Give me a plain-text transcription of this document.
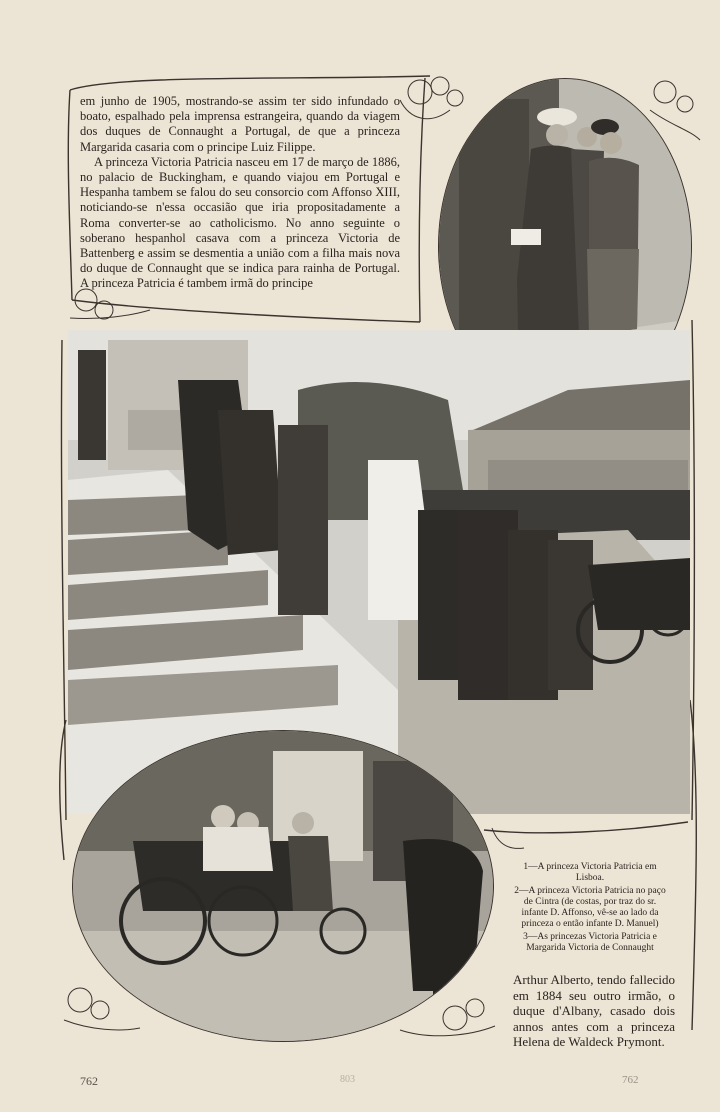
em junho de 1905, mostrando-se assim ter sido infundado o boato, espalhado pela imprensa estrangeira, quando da viagem dos duques de Connaught a Portugal, de que a princeza Margarida casaria com o principe Luiz Filippe.

A princeza Victoria Patricia nasceu em 17 de março de 1886, no palacio de Buckingham, e quando viajou em Portugal e Hespanha tambem se falou do seu consorcio com Affonso XIII, noticiando-se n'essa occasião que iria propositadamente a Roma converter-se ao catholicismo. No anno seguinte o soberano hespanhol casava com a princeza Victoria de Battenberg e assim se desmentia a união com a filha mais nova do duque de Connaught que se indica para rainha de Portugal. A princeza Patricia é tambem irmã do principe

1—A princeza Victoria Patricia em Lisboa.
2—A princeza Victoria Patricia no paço de Cintra (de costas, por traz do sr. infante D. Affonso, vê-se ao lado da princeza o então infante D. Manuel)
3—As princezas Victoria Patricia e Margarida Victoria de Connaught
Arthur Alberto, tendo fallecido em 1884 seu outro irmão, o duque d'Albany, casado dois annos antes com a princeza Helena de Waldeck Prymont.
762	803	762
